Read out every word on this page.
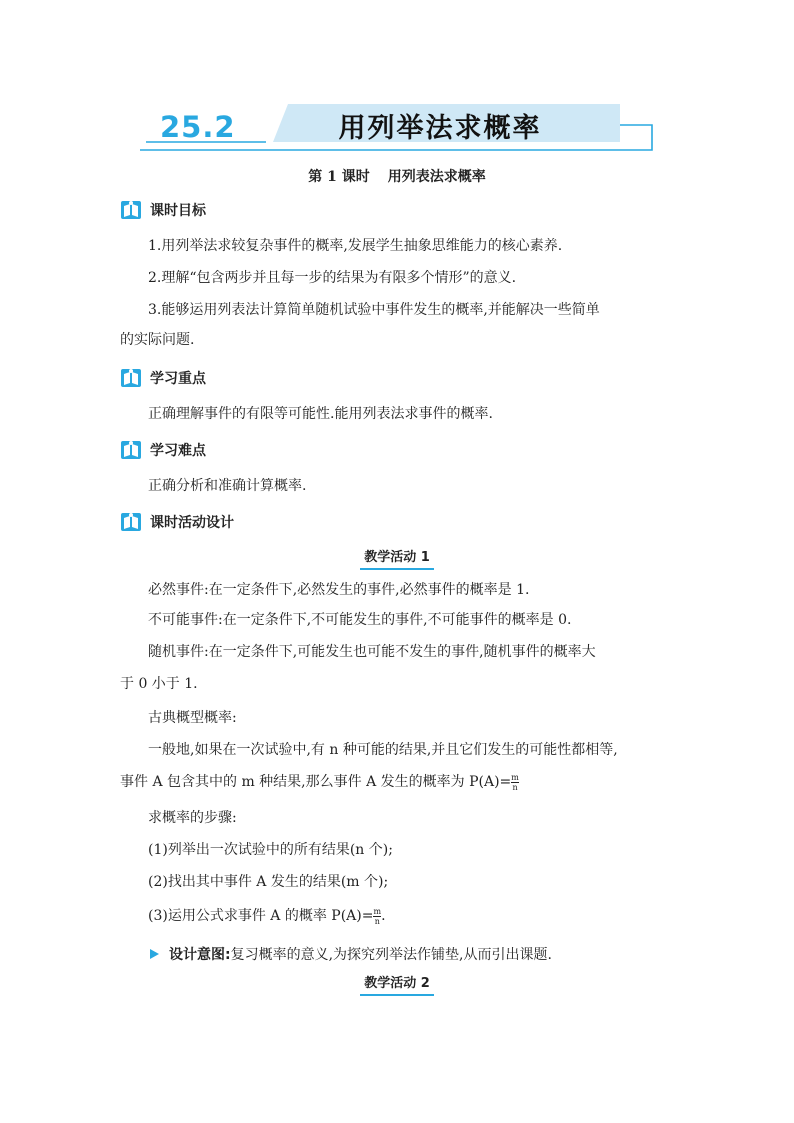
25.2	用列举法求概率
第 1 课时 用列表法求概率
课时目标
1.用列举法求较复杂事件的概率,发展学生抽象思维能力的核心素养.
2.理解“包含两步并且每一步的结果为有限多个情形”的意义.
3.能够运用列表法计算简单随机试验中事件发生的概率,并能解决一些简单
的实际问题.
学习重点
正确理解事件的有限等可能性.能用列表法求事件的概率.
学习难点
正确分析和准确计算概率.
课时活动设计
教学活动 1
必然事件:在一定条件下,必然发生的事件,必然事件的概率是 1.
不可能事件:在一定条件下,不可能发生的事件,不可能事件的概率是 0.
随机事件:在一定条件下,可能发生也可能不发生的事件,随机事件的概率大
于 0 小于 1.
古典概型概率:
一般地,如果在一次试验中,有 n 种可能的结果,并且它们发生的可能性都相等,
事件 A 包含其中的 m 种结果,那么事件 A 发生的概率为 $P(A)= \frac{m}{n}$
求概率的步骤:
(1)列举出一次试验中的所有结果(n 个);
(2)找出其中事件 A 发生的结果(m 个);
(3)运用公式求事件 A 的概率 $P(A)= \frac{m}{n}$ .
设计意图: 复习概率的意义,为探究列举法作铺垫,从而引出课题.
教学活动 2
